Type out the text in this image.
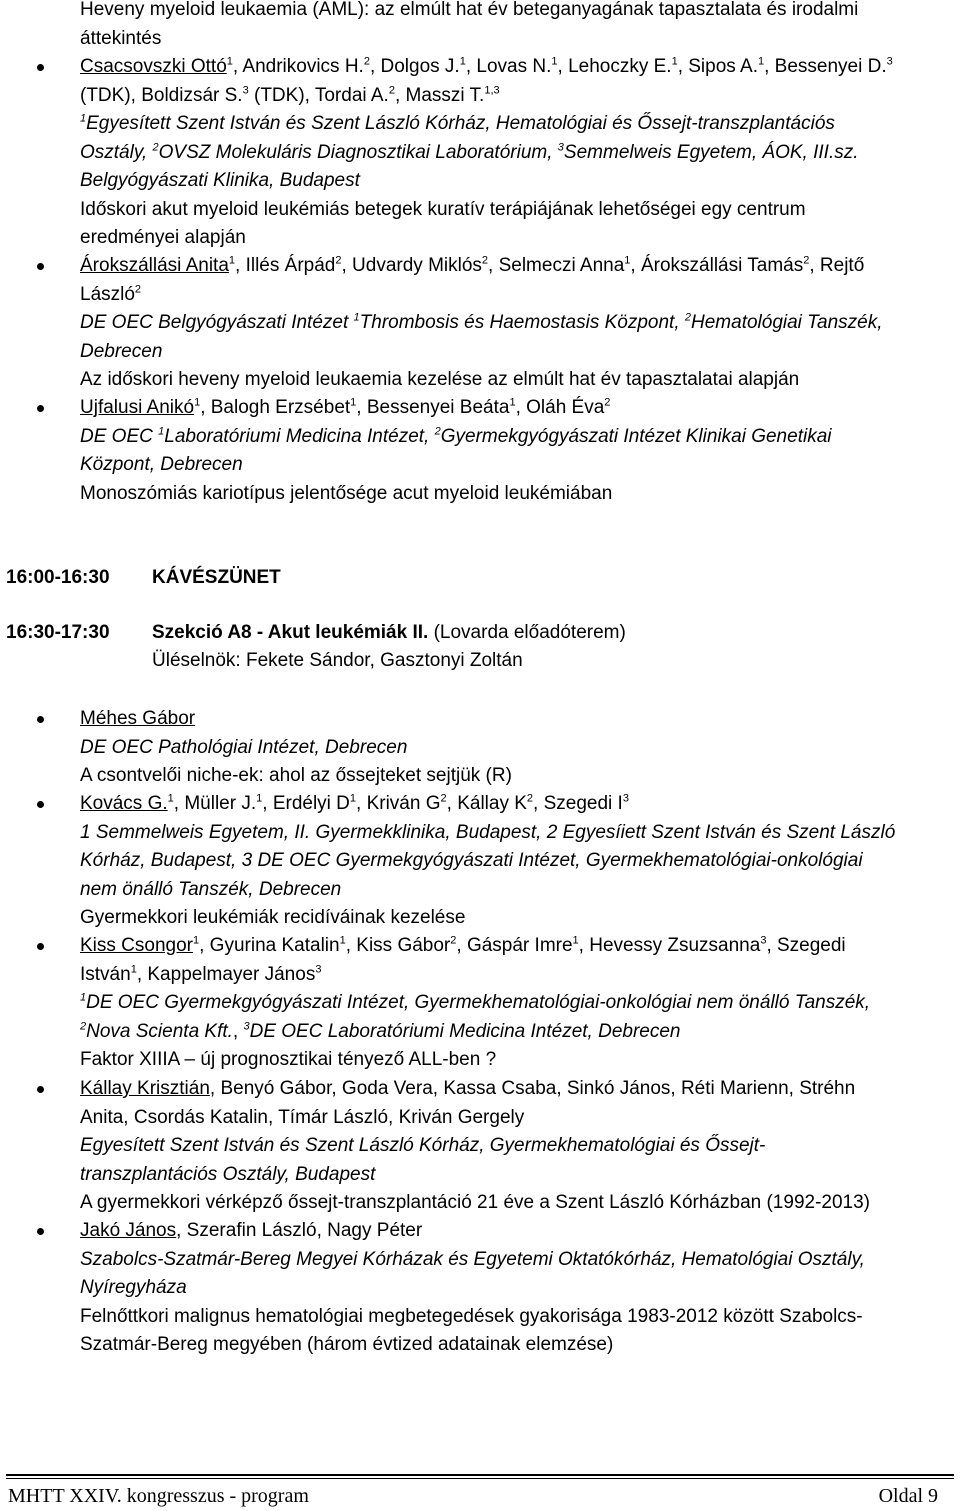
Heveny myeloid leukaemia (AML): az elmúlt hat év beteganyagának tapasztalata és irodalmi
áttekintés
Csacsovszki Ottó$^1$, Andrikovics H.$^2$, Dolgos J.$^1$, Lovas N.$^1$, Lehoczky E.$^1$, Sipos A.$^1$, Bessenyei D.$^3$
(TDK), Boldizsár S.$^3$ (TDK), Tordai A.$^2$, Masszi T.$^{1,3}$
$^1$Egyesített Szent István és Szent László Kórház, Hematológiai és Őssejt-transzplantációs
Osztály, $^2$OVSZ Molekuláris Diagnosztikai Laboratórium, $^3$Semmelweis Egyetem, ÁOK, III.sz.
Belgyógyászati Klinika, Budapest
Időskori akut myeloid leukémiás betegek kuratív terápiájának lehetőségei egy centrum
eredményei alapján
Árokszállási Anita$^1$, Illés Árpád$^2$, Udvardy Miklós$^2$, Selmeczi Anna$^1$, Árokszállási Tamás$^2$, Rejtő
László$^2$
DE OEC Belgyógyászati Intézet $^1$Thrombosis és Haemostasis Központ, $^2$Hematológiai Tanszék,
Debrecen
Az időskori heveny myeloid leukaemia kezelése az elmúlt hat év tapasztalatai alapján
Ujfalusi Anikó$^1$, Balogh Erzsébet$^1$, Bessenyei Beáta$^1$, Oláh Éva$^2$
DE OEC $^1$Laboratóriumi Medicina Intézet, $^2$Gyermekgyógyászati Intézet Klinikai Genetikai
Központ, Debrecen
Monoszómiás kariotípus jelentősége acut myeloid leukémiában
16:00-16:30 KÁVÉSZÜNET
16:30-17:30 Szekció A8 - Akut leukémiák II. (Lovarda előadóterem)
Üléselnök: Fekete Sándor, Gasztonyi Zoltán
Méhes Gábor
DE OEC Pathológiai Intézet, Debrecen
A csontvelői niche-ek: ahol az őssejteket sejtjük (R)
Kovács G.$^1$, Müller J.$^1$, Erdélyi $D^1$, Kriván $G^2$, Kállay $K^2$, Szegedi $I^3$
1 Semmelweis Egyetem, II. Gyermekklinika, Budapest, 2 Egyesíiett Szent István és Szent László
Kórház, Budapest, 3 DE OEC Gyermekgyógyászati Intézet, Gyermekhematológiai-onkológiai
nem önálló Tanszék, Debrecen
Gyermekkori leukémiák recidíváinak kezelése
Kiss Csongor$^1$, Gyurina Katalin$^1$, Kiss Gábor$^2$, Gáspár Imre$^1$, Hevessy Zsuzsanna$^3$, Szegedi
István$^1$, Kappelmayer János$^3$
$^1$DE OEC Gyermekgyógyászati Intézet, Gyermekhematológiai-onkológiai nem önálló Tanszék,
$^2$Nova Scienta Kft., $^3$DE OEC Laboratóriumi Medicina Intézet, Debrecen
Faktor XIIIA – új prognosztikai tényező ALL-ben ?
Kállay Krisztián, Benyó Gábor, Goda Vera, Kassa Csaba, Sinkó János, Réti Marienn, Stréhn
Anita, Csordás Katalin, Tímár László, Kriván Gergely
Egyesített Szent István és Szent László Kórház, Gyermekhematológiai és Őssejt-
transzplantációs Osztály, Budapest
A gyermekkori vérképző őssejt-transzplantáció 21 éve a Szent László Kórházban (1992-2013)
Jakó János, Szerafin László, Nagy Péter
Szabolcs-Szatmár-Bereg Megyei Kórházak és Egyetemi Oktatókórház, Hematológiai Osztály,
Nyíregyháza
Felnőttkori malignus hematológiai megbetegedések gyakorisága 1983-2012 között Szabolcs-
Szatmár-Bereg megyében (három évtized adatainak elemzése)
MHTT XXIV. kongresszus - program	Oldal 9
